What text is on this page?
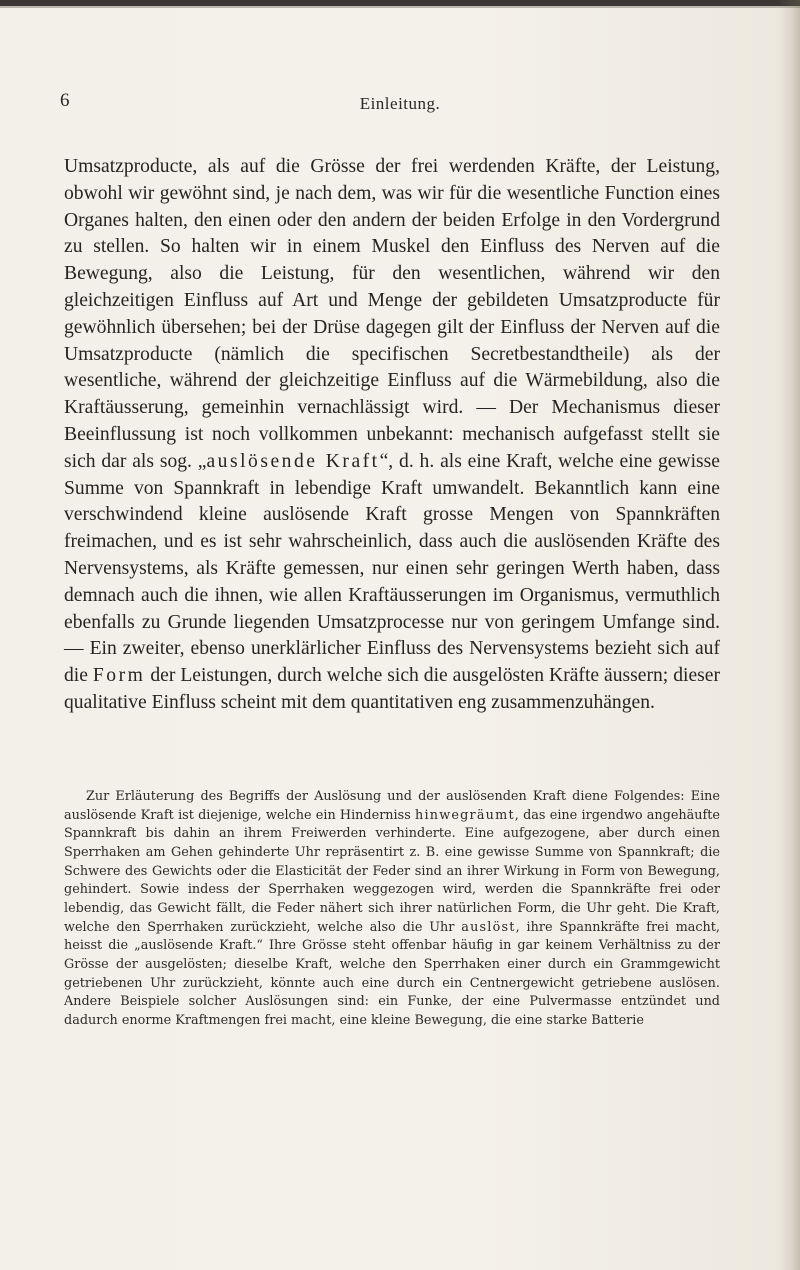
6	Einleitung.

Umsatzproducte, als auf die Grösse der frei werdenden Kräfte, der Leistung, obwohl wir gewöhnt sind, je nach dem, was wir für die wesentliche Function eines Organes halten, den einen oder den andern der beiden Erfolge in den Vordergrund zu stellen. So halten wir in einem Muskel den Einfluss des Nerven auf die Bewegung, also die Leistung, für den wesentlichen, während wir den gleichzeitigen Einfluss auf Art und Menge der gebildeten Umsatzproducte für gewöhnlich übersehen; bei der Drüse dagegen gilt der Einfluss der Nerven auf die Umsatzproducte (nämlich die specifischen Secretbestandtheile) als der wesentliche, während der gleichzeitige Einfluss auf die Wärmebildung, also die Kraftäusserung, gemeinhin vernachlässigt wird. — Der Mechanismus dieser Beeinflussung ist noch vollkommen unbekannt: mechanisch aufgefasst stellt sie sich dar als sog. „auslösende Kraft“, d. h. als eine Kraft, welche eine gewisse Summe von Spannkraft in lebendige Kraft umwandelt. Bekanntlich kann eine verschwindend kleine auslösende Kraft grosse Mengen von Spannkräften freimachen, und es ist sehr wahrscheinlich, dass auch die auslösenden Kräfte des Nervensystems, als Kräfte gemessen, nur einen sehr geringen Werth haben, dass demnach auch die ihnen, wie allen Kraftäusserungen im Organismus, vermuthlich ebenfalls zu Grunde liegenden Umsatzprocesse nur von geringem Umfange sind. — Ein zweiter, ebenso unerklärlicher Einfluss des Nervensystems bezieht sich auf die Form der Leistungen, durch welche sich die ausgelösten Kräfte äussern; dieser qualitative Einfluss scheint mit dem quantitativen eng zusammenzuhängen.

Zur Erläuterung des Begriffs der Auslösung und der auslösenden Kraft diene Folgendes: Eine auslösende Kraft ist diejenige, welche ein Hinderniss hinwegräumt, das eine irgendwo angehäufte Spannkraft bis dahin an ihrem Freiwerden verhinderte. Eine aufgezogene, aber durch einen Sperrhaken am Gehen gehinderte Uhr repräsentirt z. B. eine gewisse Summe von Spannkraft; die Schwere des Gewichts oder die Elasticität der Feder sind an ihrer Wirkung in Form von Bewegung, gehindert. Sowie indess der Sperrhaken weggezogen wird, werden die Spannkräfte frei oder lebendig, das Gewicht fällt, die Feder nähert sich ihrer natürlichen Form, die Uhr geht. Die Kraft, welche den Sperrhaken zurückzieht, welche also die Uhr auslöst, ihre Spannkräfte frei macht, heisst die „auslösende Kraft.“ Ihre Grösse steht offenbar häufig in gar keinem Verhältniss zu der Grösse der ausgelösten; dieselbe Kraft, welche den Sperrhaken einer durch ein Grammgewicht getriebenen Uhr zurückzieht, könnte auch eine durch ein Centnergewicht getriebene auslösen. Andere Beispiele solcher Auslösungen sind: ein Funke, der eine Pulvermasse entzündet und dadurch enorme Kraftmengen frei macht, eine kleine Bewegung, die eine starke Batterie
